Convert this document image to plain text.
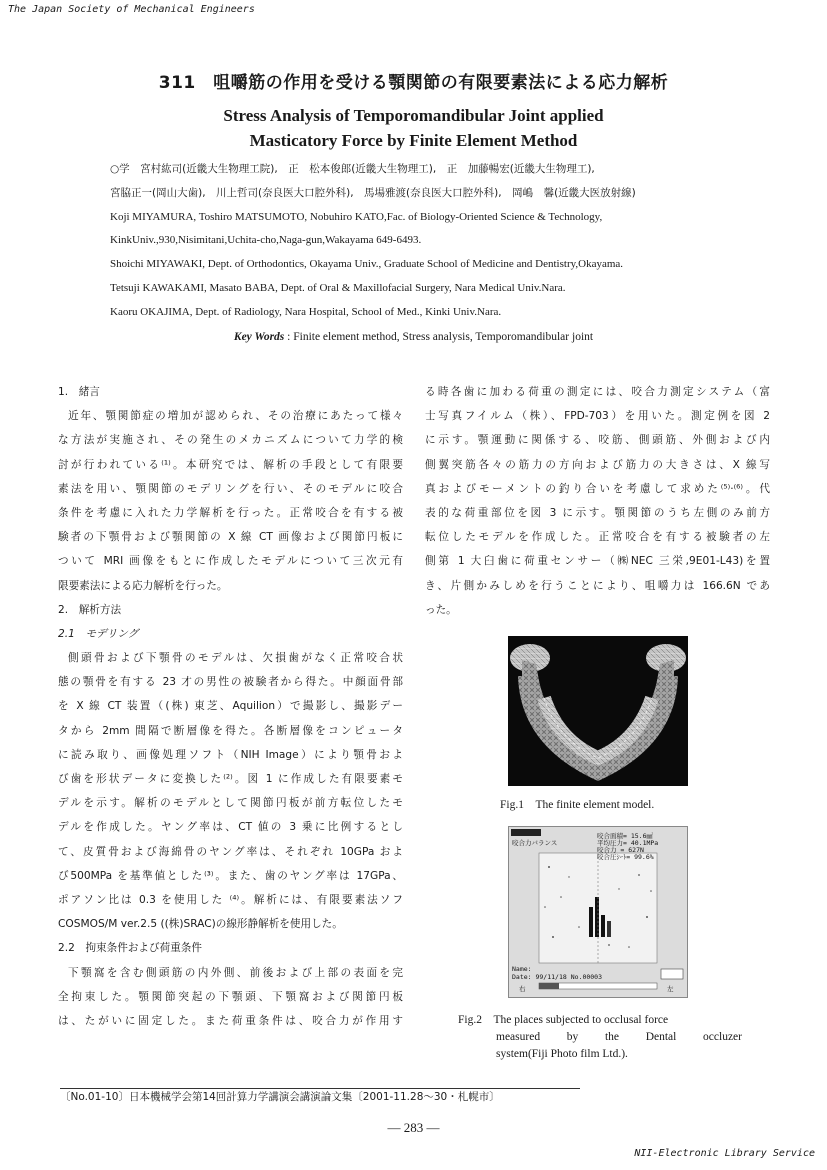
The Japan Society of Mechanical Engineers
311　咀嚼筋の作用を受ける顎関節の有限要素法による応力解析
Stress Analysis of Temporomandibular Joint applied
Masticatory Force by Finite Element Method
○学　宮村紘司(近畿大生物理工院),　正　松本俊郎(近畿大生物理工),　正　加藤暢宏(近畿大生物理工),
宮脇正一(岡山大歯),　川上哲司(奈良医大口腔外科),　馬場雅渡(奈良医大口腔外科),　岡嶋　馨(近畿大医放射線)
Koji MIYAMURA, Toshiro MATSUMOTO, Nobuhiro KATO,Fac. of Biology-Oriented Science & Technology,
KinkUniv.,930,Nisimitani,Uchita-cho,Naga-gun,Wakayama 649-6493.
Shoichi MIYAWAKI, Dept. of Orthodontics, Okayama Univ., Graduate School of Medicine and Dentistry,Okayama.
Tetsuji KAWAKAMI, Masato BABA, Dept. of Oral & Maxillofacial Surgery, Nara Medical Univ.Nara.
Kaoru OKAJIMA, Dept. of Radiology, Nara Hospital, School of Med., Kinki Univ.Nara.
Key Words : Finite element method, Stress analysis, Temporomandibular joint
1.　緒言
近年、顎関節症の増加が認められ、その治療にあたって様々
な方法が実施され、その発生のメカニズムについて力学的検
討が行われている⁽¹⁾。本研究では、解析の手段として有限要
素法を用い、顎関節のモデリングを行い、そのモデルに咬合
条件を考慮に入れた力学解析を行った。正常咬合を有する被
験者の下顎骨および顎関節の X 線 CT 画像および関節円板に
ついて MRI 画像をもとに作成したモデルについて三次元有
限要素法による応力解析を行った。
2.　解析方法
2.1　モデリング
側頭骨および下顎骨のモデルは、欠損歯がなく正常咬合状
態の顎骨を有する 23 才の男性の被験者から得た。中顔面骨部
を X 線 CT 装置（(株) 東芝、Aquilion）で撮影し、撮影デー
タから 2mm 間隔で断層像を得た。各断層像をコンピュータ
に読み取り、画像処理ソフト（NIH Image）により顎骨およ
び歯を形状データに変換した⁽²⁾。図 1 に作成した有限要素モ
デルを示す。解析のモデルとして関節円板が前方転位したモ
デルを作成した。ヤング率は、CT 値の 3 乗に比例するとし
て、皮質骨および海綿骨のヤング率は、それぞれ 10GPa およ
び500MPa を基準値とした⁽³⁾。また、歯のヤング率は 17GPa、
ポアソン比は 0.3 を使用した ⁽⁴⁾。解析には、有限要素法ソフ
COSMOS/M ver.2.5 ((株)SRAC)の線形静解析を使用した。
2.2　拘束条件および荷重条件
下顎窩を含む側頭筋の内外側、前後および上部の表面を完
全拘束した。顎関節突起の下顎頭、下顎窩および関節円板
は、たがいに固定した。また荷重条件は、咬合力が作用す
る時各歯に加わる荷重の測定には、咬合力測定システム（富
士写真フイルム（株）、FPD-703）を用いた。測定例を図 2
に示す。顎運動に関係する、咬筋、側頭筋、外側および内
側翼突筋各々の筋力の方向および筋力の大きさは、X 線写
真およびモーメントの釣り合いを考慮して求めた⁽⁵⁾·⁽⁶⁾。代
表的な荷重部位を図 3 に示す。顎関節のうち左側のみ前方
転位したモデルを作成した。正常咬合を有する被験者の左
側第 1 大臼歯に荷重センサー（㈱NEC 三栄,9E01-L43)を置
き、片側かみしめを行うことにより、咀嚼力は 166.6N であ
った。
Fig.1　The finite element model.
咬合力バランス
咬合面積= 15.6㎟
平均圧力= 40.1MPa
咬合力 = 627N
咬合圧ｼｰﾄ= 99.6%
Name:
Date: 99/11/18 No.00003
右	左
Fig.2　The places subjected to occlusal force
measured by the Dental occluzer
system(Fiji Photo film Ltd.).
〔No.01-10〕日本機械学会第14回計算力学講演会講演論文集〔2001-11.28～30・札幌市〕
― 283 ―
NII-Electronic Library Service
